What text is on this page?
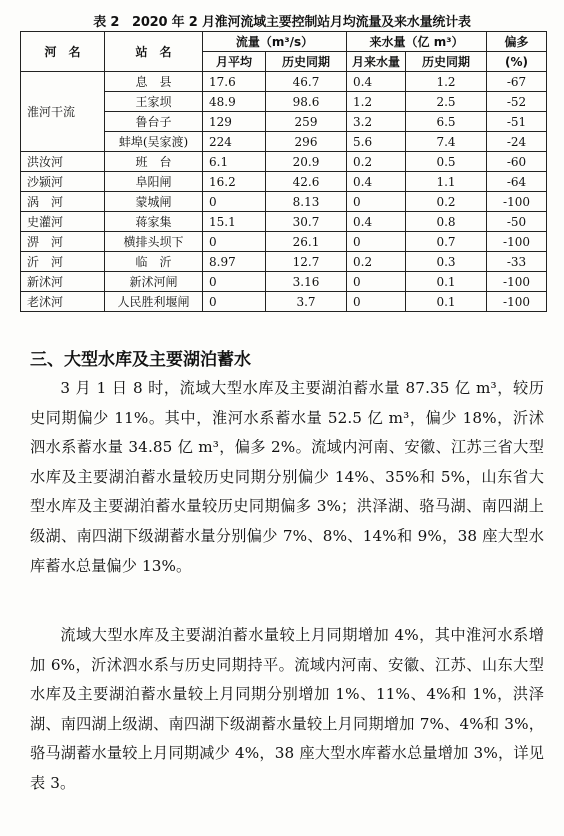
表 2　2020 年 2 月淮河流域主要控制站月均流量及来水量统计表
河　名	站　名	流量（m³/s）		来水量（亿 m³）		偏多
		月平均	历史同期	月来水量	历史同期	(%)
淮河干流	息　县	17.6	46.7	0.4	1.2	-67
	王家坝	48.9	98.6	1.2	2.5	-52
	鲁台子	129	259	3.2	6.5	-51
	蚌埠(吴家渡)	224	296	5.6	7.4	-24
洪汝河	班　台	6.1	20.9	0.2	0.5	-60
沙颍河	阜阳闸	16.2	42.6	0.4	1.1	-64
涡　河	蒙城闸	0	8.13	0	0.2	-100
史灌河	蒋家集	15.1	30.7	0.4	0.8	-50
淠　河	横排头坝下	0	26.1	0	0.7	-100
沂　河	临　沂	8.97	12.7	0.2	0.3	-33
新沭河	新沭河闸	0	3.16	0	0.1	-100
老沭河	人民胜利堰闸	0	3.7	0	0.1	-100
三、大型水库及主要湖泊蓄水

3 月 1 日 8 时，流域大型水库及主要湖泊蓄水量 87.35 亿 m³，较历史同期偏少 11%。其中，淮河水系蓄水量 52.5 亿 m³，偏少 18%，沂沭泗水系蓄水量 34.85 亿 m³，偏多 2%。流域内河南、安徽、江苏三省大型水库及主要湖泊蓄水量较历史同期分别偏少 14%、35%和 5%，山东省大型水库及主要湖泊蓄水量较历史同期偏多 3%；洪泽湖、骆马湖、南四湖上级湖、南四湖下级湖蓄水量分别偏少 7%、8%、14%和 9%，38 座大型水库蓄水总量偏少 13%。

流域大型水库及主要湖泊蓄水量较上月同期增加 4%，其中淮河水系增加 6%，沂沭泗水系与历史同期持平。流域内河南、安徽、江苏、山东大型水库及主要湖泊蓄水量较上月同期分别增加 1%、11%、4%和 1%，洪泽湖、南四湖上级湖、南四湖下级湖蓄水量较上月同期增加 7%、4%和 3%，骆马湖蓄水量较上月同期减少 4%，38 座大型水库蓄水总量增加 3%，详见表 3。
